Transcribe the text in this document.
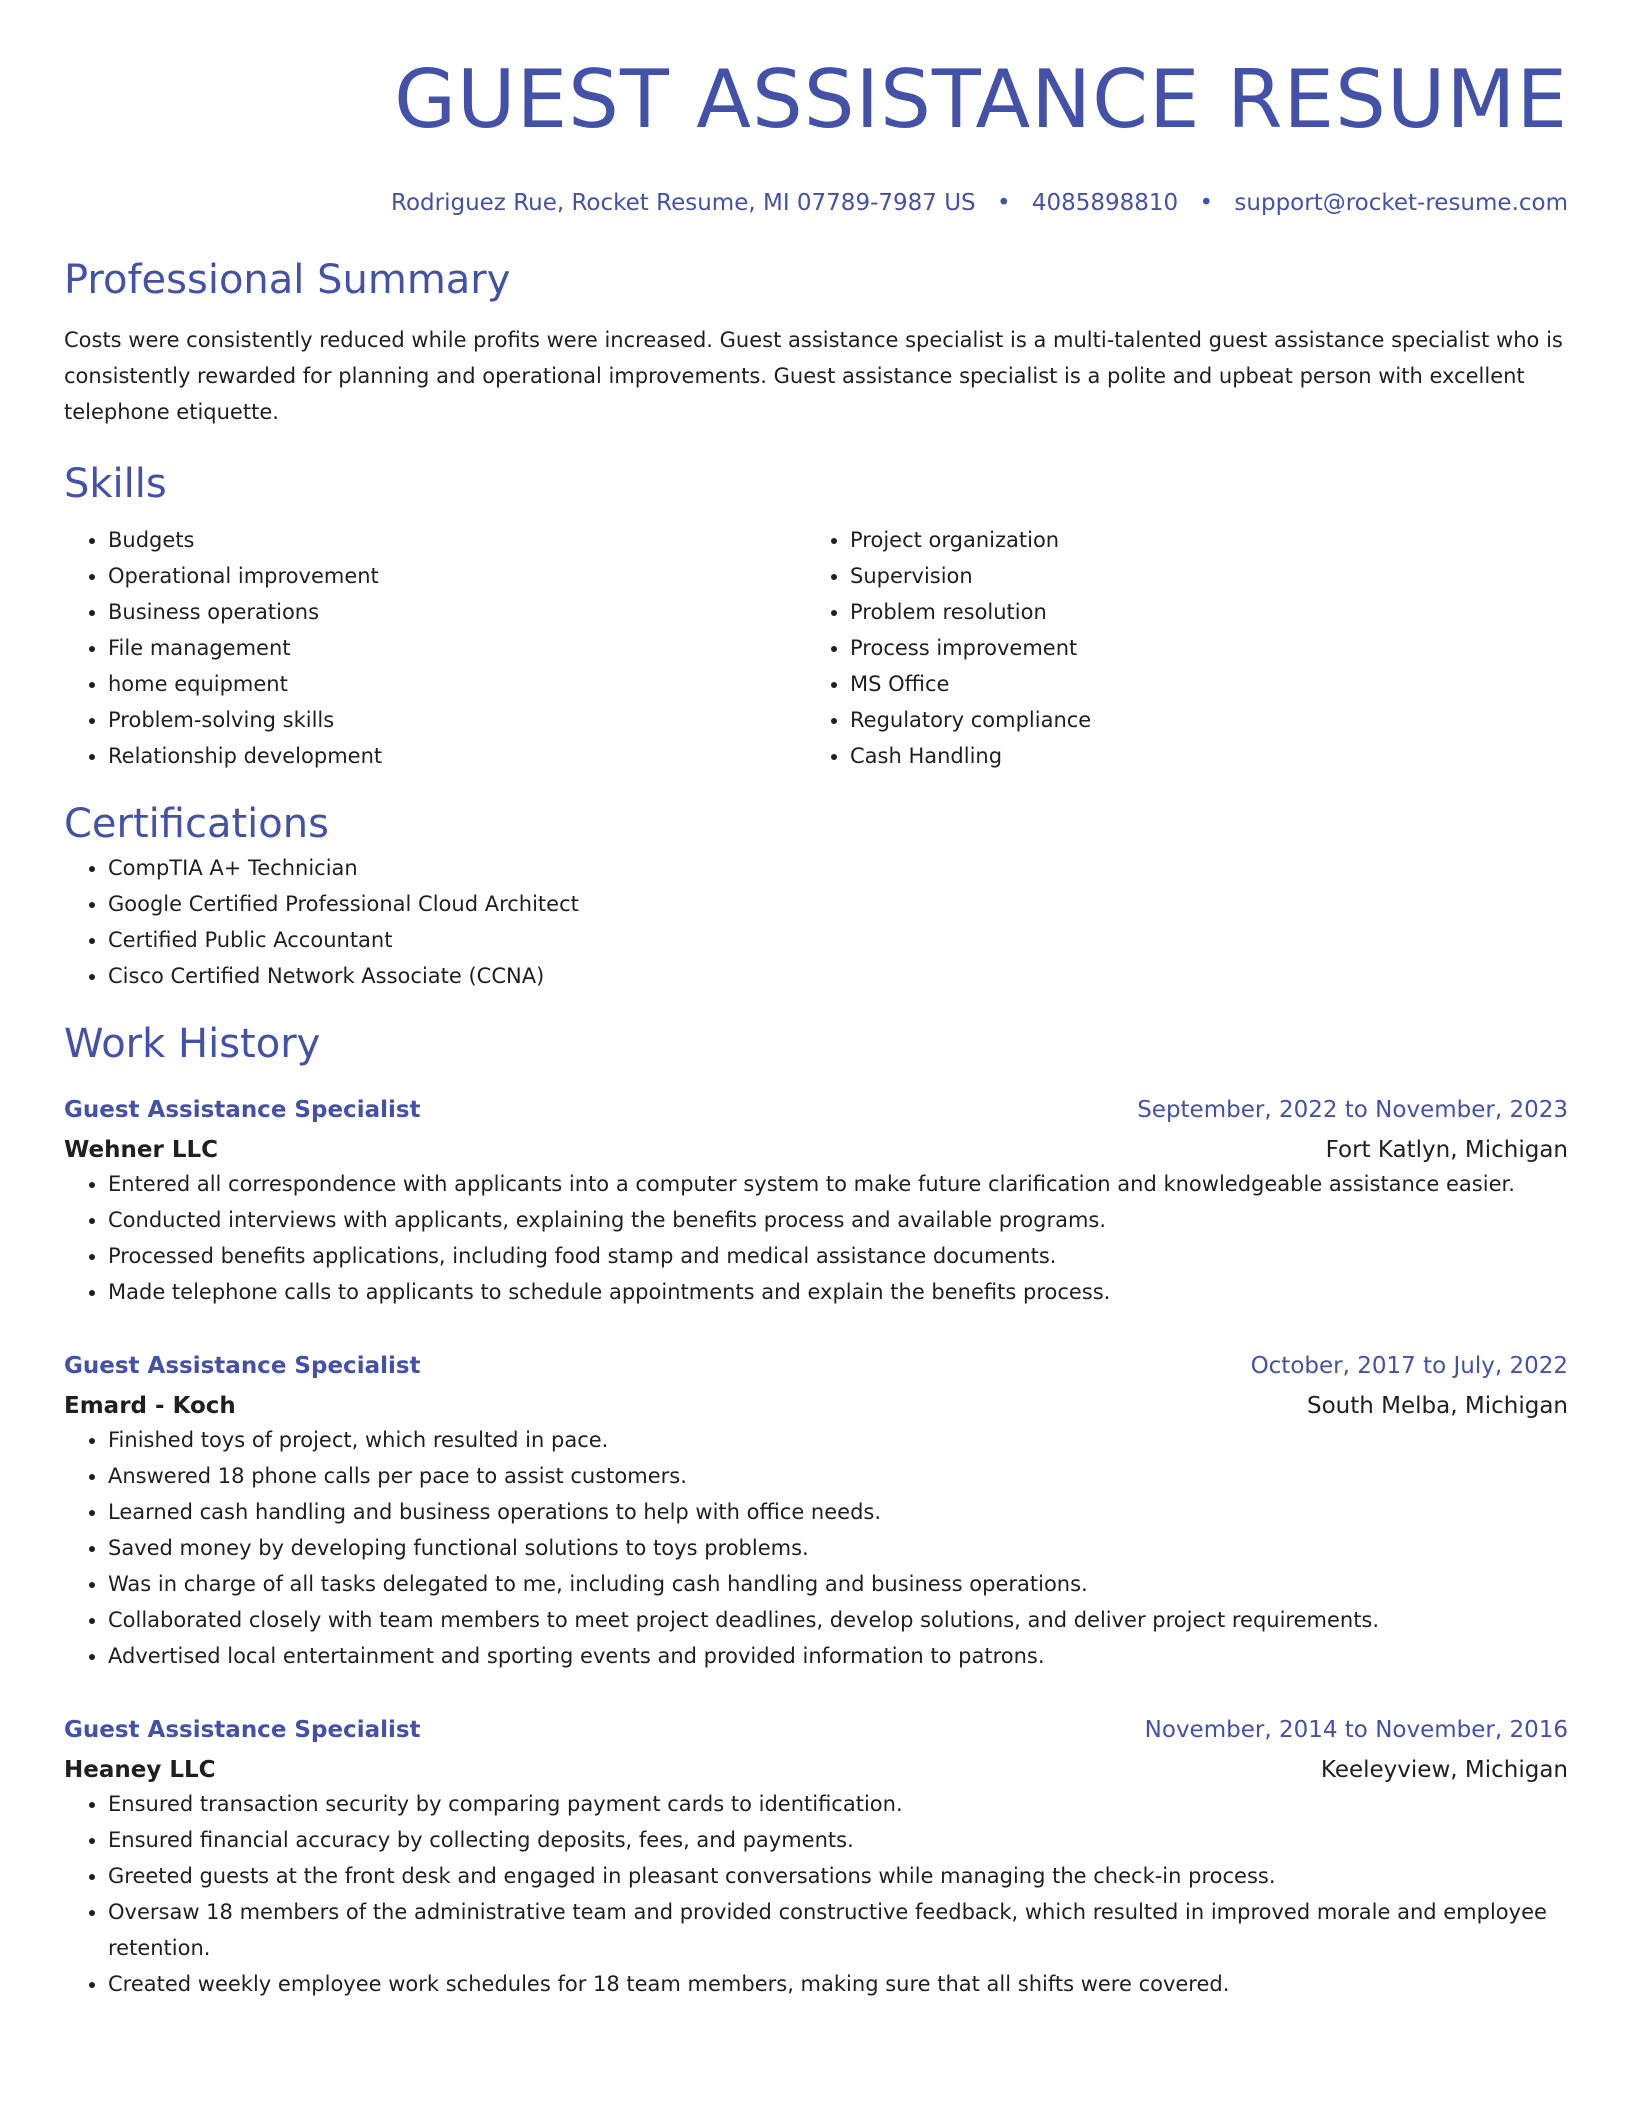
GUEST ASSISTANCE RESUME
Rodriguez Rue, Rocket Resume, MI 07789-7987 US • 4085898810 • support@rocket-resume.com
Professional Summary

Costs were consistently reduced while profits were increased. Guest assistance specialist is a multi-talented guest assistance specialist who is consistently rewarded for planning and operational improvements. Guest assistance specialist is a polite and upbeat person with excellent telephone etiquette.

Skills
• Budgets
• Operational improvement
• Business operations
• File management
• home equipment
• Problem-solving skills
• Relationship development
• Project organization
• Supervision
• Problem resolution
• Process improvement
• MS Office
• Regulatory compliance
• Cash Handling
Certifications
• CompTIA A+ Technician
• Google Certified Professional Cloud Architect
• Certified Public Accountant
• Cisco Certified Network Associate (CCNA)
Work History
Guest Assistance Specialist	September, 2022 to November, 2023
Wehner LLC	Fort Katlyn, Michigan
• Entered all correspondence with applicants into a computer system to make future clarification and knowledgeable assistance easier.
• Conducted interviews with applicants, explaining the benefits process and available programs.
• Processed benefits applications, including food stamp and medical assistance documents.
• Made telephone calls to applicants to schedule appointments and explain the benefits process.
Guest Assistance Specialist	October, 2017 to July, 2022
Emard - Koch	South Melba, Michigan
• Finished toys of project, which resulted in pace.
• Answered 18 phone calls per pace to assist customers.
• Learned cash handling and business operations to help with office needs.
• Saved money by developing functional solutions to toys problems.
• Was in charge of all tasks delegated to me, including cash handling and business operations.
• Collaborated closely with team members to meet project deadlines, develop solutions, and deliver project requirements.
• Advertised local entertainment and sporting events and provided information to patrons.
Guest Assistance Specialist	November, 2014 to November, 2016
Heaney LLC	Keeleyview, Michigan
• Ensured transaction security by comparing payment cards to identification.
• Ensured financial accuracy by collecting deposits, fees, and payments.
• Greeted guests at the front desk and engaged in pleasant conversations while managing the check-in process.
• Oversaw 18 members of the administrative team and provided constructive feedback, which resulted in improved morale and employee retention.
• Created weekly employee work schedules for 18 team members, making sure that all shifts were covered.
